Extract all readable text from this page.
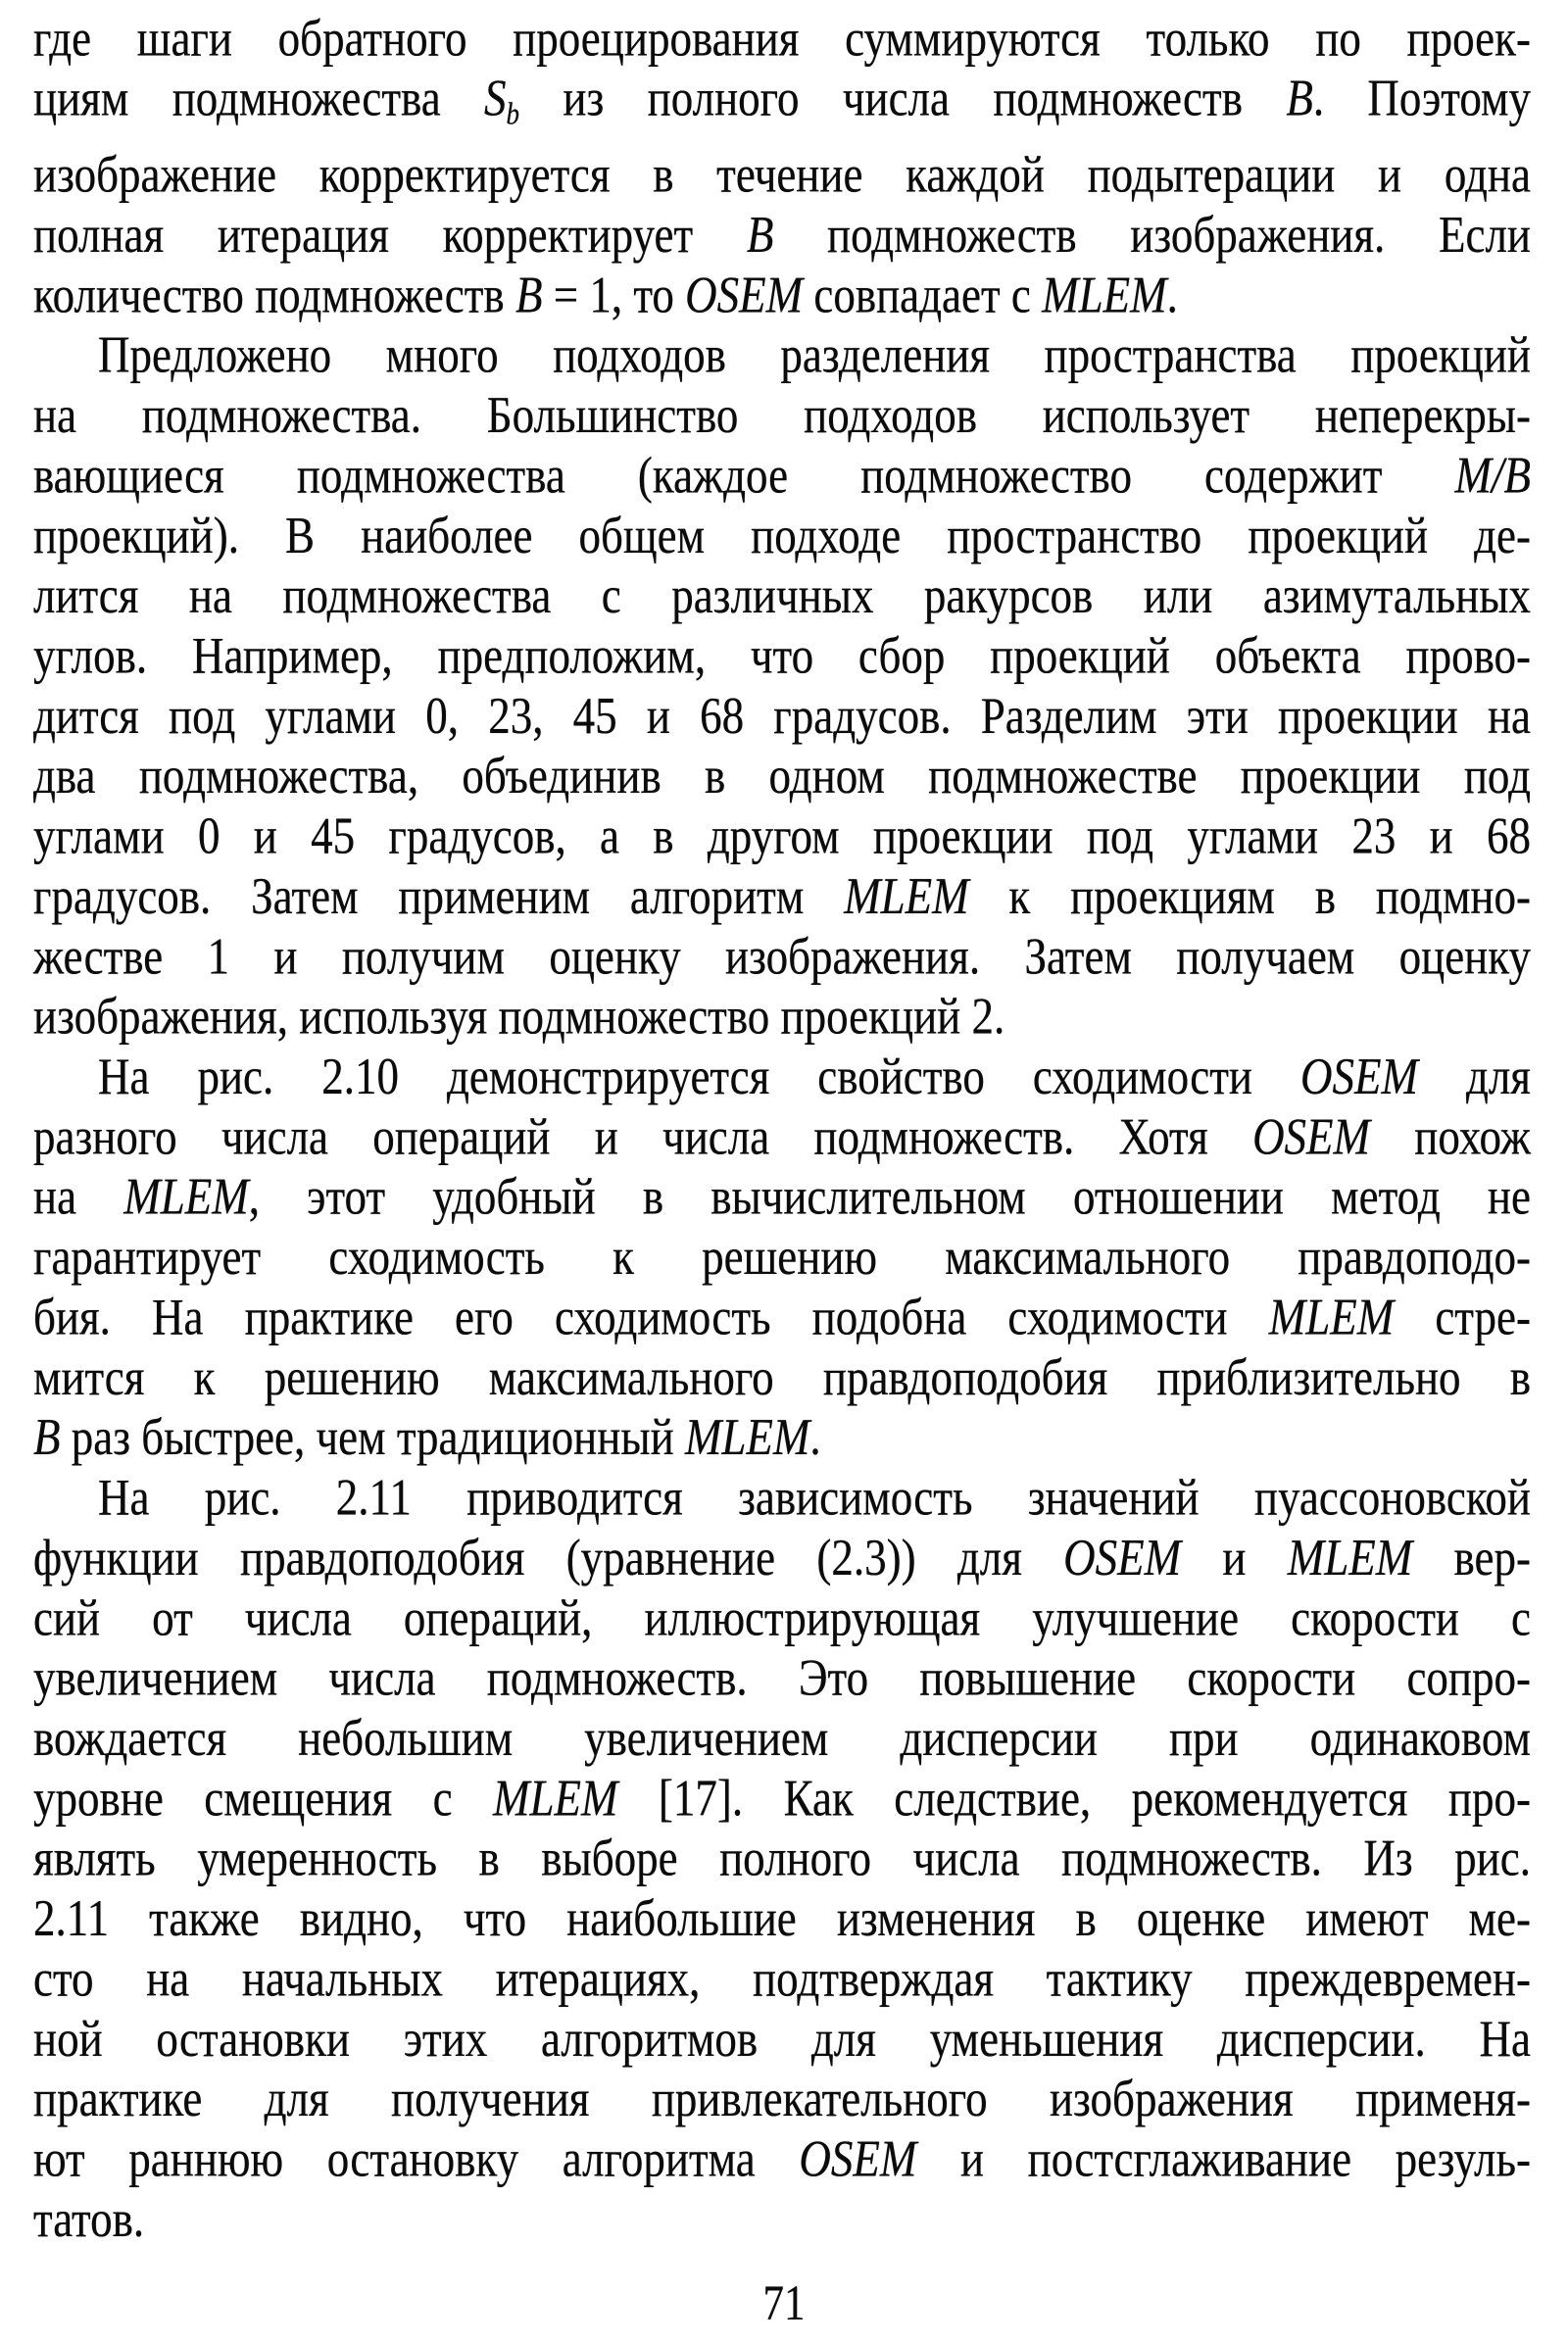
где шаги обратного проецирования суммируются только по проек-
циям подмножества $S_b$ из полного числа подмножеств B. Поэтому
изображение корректируется в течение каждой подытерации и одна
полная итерация корректирует B подмножеств изображения. Если
количество подмножеств B = 1, то OSEM совпадает с MLEM.
Предложено много подходов разделения пространства проекций
на подмножества. Большинство подходов использует неперекры-
вающиеся подмножества (каждое подмножество содержит M/B
проекций). В наиболее общем подходе пространство проекций де-
лится на подмножества с различных ракурсов или азимутальных
углов. Например, предположим, что сбор проекций объекта прово-
дится под углами 0, 23, 45 и 68 градусов. Разделим эти проекции на
два подмножества, объединив в одном подмножестве проекции под
углами 0 и 45 градусов, а в другом проекции под углами 23 и 68
градусов. Затем применим алгоритм MLEM к проекциям в подмно-
жестве 1 и получим оценку изображения. Затем получаем оценку
изображения, используя подмножество проекций 2.
На рис. 2.10 демонстрируется свойство сходимости OSEM для
разного числа операций и числа подмножеств. Хотя OSEM похож
на MLEM, этот удобный в вычислительном отношении метод не
гарантирует сходимость к решению максимального правдоподо-
бия. На практике его сходимость подобна сходимости MLEM стре-
мится к решению максимального правдоподобия приблизительно в
B раз быстрее, чем традиционный MLEM.
На рис. 2.11 приводится зависимость значений пуассоновской
функции правдоподобия (уравнение (2.3)) для OSEM и MLEM вер-
сий от числа операций, иллюстрирующая улучшение скорости с
увеличением числа подмножеств. Это повышение скорости сопро-
вождается небольшим увеличением дисперсии при одинаковом
уровне смещения с MLEM [17]. Как следствие, рекомендуется про-
являть умеренность в выборе полного числа подмножеств. Из рис.
2.11 также видно, что наибольшие изменения в оценке имеют ме-
сто на начальных итерациях, подтверждая тактику преждевремен-
ной остановки этих алгоритмов для уменьшения дисперсии. На
практике для получения привлекательного изображения применя-
ют раннюю остановку алгоритма OSEM и постсглаживание резуль-
татов.
71
